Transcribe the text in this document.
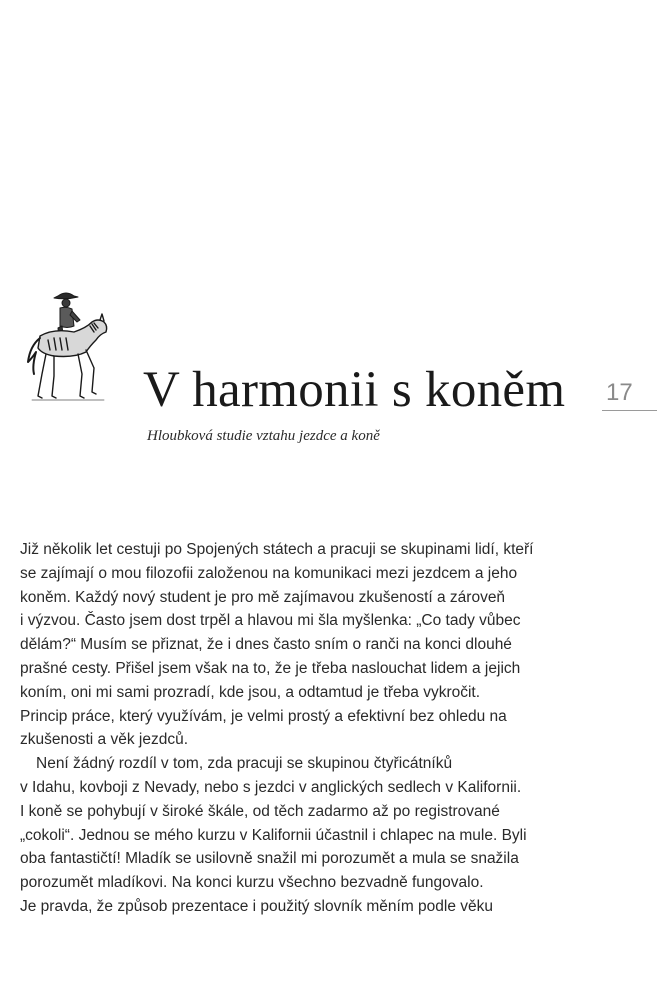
V harmonii s koněm 17

Hloubková studie vztahu jezdce a koně

Již několik let cestuji po Spojených státech a pracuji se skupinami lidí, kteří
se zajímají o mou filozofii založenou na komunikaci mezi jezdcem a jeho
koněm. Každý nový student je pro mě zajímavou zkušeností a zároveň
i výzvou. Často jsem dost trpěl a hlavou mi šla myšlenka: „Co tady vůbec
dělám?“ Musím se přiznat, že i dnes často sním o ranči na konci dlouhé
prašné cesty. Přišel jsem však na to, že je třeba naslouchat lidem a jejich
koním, oni mi sami prozradí, kde jsou, a odtamtud je třeba vykročit.
Princip práce, který využívám, je velmi prostý a efektivní bez ohledu na
zkušenosti a věk jezdců.
Není žádný rozdíl v tom, zda pracuji se skupinou čtyřicátníků
v Idahu, kovboji z Nevady, nebo s jezdci v anglických sedlech v Kalifornii.
I koně se pohybují v široké škále, od těch zadarmo až po registrované
„cokoli“. Jednou se mého kurzu v Kalifornii účastnil i chlapec na mule. Byli
oba fantastičtí! Mladík se usilovně snažil mi porozumět a mula se snažila
porozumět mladíkovi. Na konci kurzu všechno bezvadně fungovalo.
Je pravda, že způsob prezentace i použitý slovník měním podle věku
